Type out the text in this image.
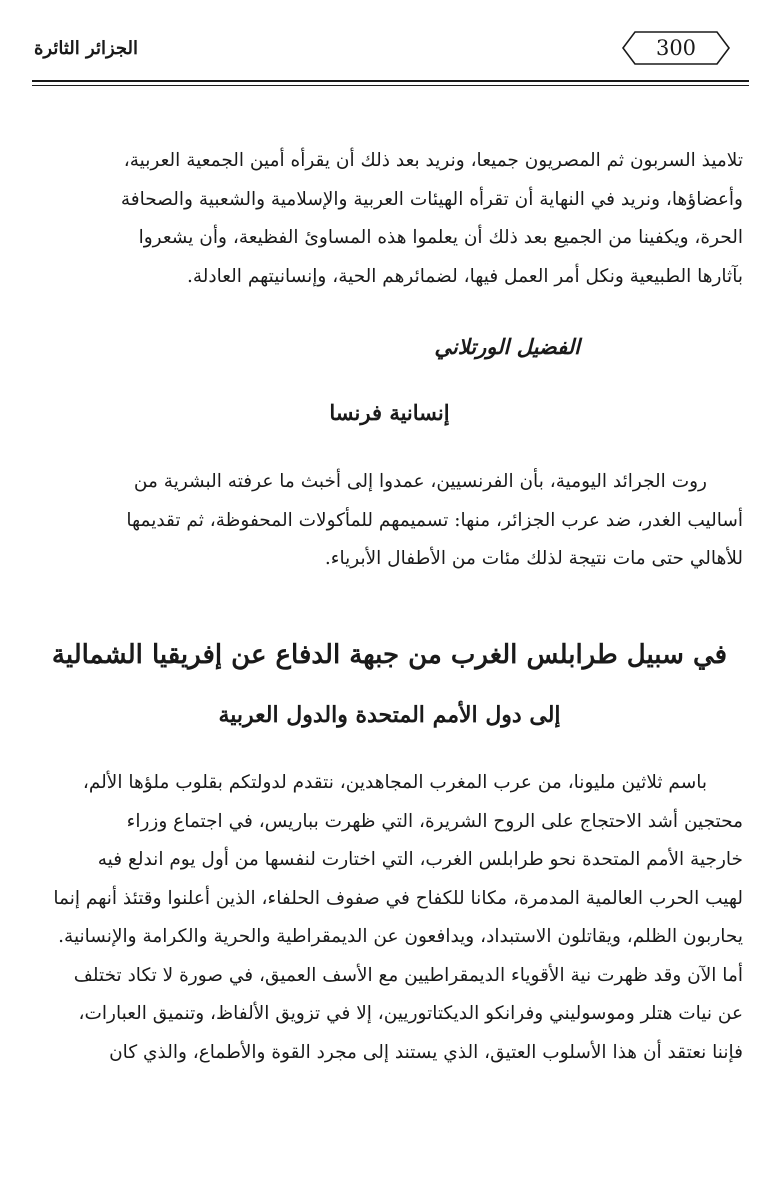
الجزائر الثائرة	300

تلاميذ السربون ثم المصريون جميعا، ونريد بعد ذلك أن يقرأه أمين الجمعية العربية،

وأعضاؤها، ونريد في النهاية أن تقرأه الهيئات العربية والإسلامية والشعبية والصحافة

الحرة، ويكفينا من الجميع بعد ذلك أن يعلموا هذه المساوئ الفظيعة، وأن يشعروا

بآثارها الطبيعية ونكل أمر العمل فيها، لضمائرهم الحية، وإنسانيتهم العادلة.

الفضيل الورتلاني
إنسانية فرنسا

روت الجرائد اليومية، بأن الفرنسيين، عمدوا إلى أخبث ما عرفته البشرية من

أساليب الغدر، ضد عرب الجزائر، منها: تسميمهم للمأكولات المحفوظة، ثم تقديمها

للأهالي حتى مات نتيجة لذلك مئات من الأطفال الأبرياء.

في سبيل طرابلس الغرب من جبهة الدفاع عن إفريقيا الشمالية
إلى دول الأمم المتحدة والدول العربية

باسم ثلاثين مليونا، من عرب المغرب المجاهدين، نتقدم لدولتكم بقلوب ملؤها الألم،

محتجين أشد الاحتجاج على الروح الشريرة، التي ظهرت بباريس، في اجتماع وزراء

خارجية الأمم المتحدة نحو طرابلس الغرب، التي اختارت لنفسها من أول يوم اندلع فيه

لهيب الحرب العالمية المدمرة، مكانا للكفاح في صفوف الحلفاء، الذين أعلنوا وقتئذ أنهم إنما

يحاربون الظلم، ويقاتلون الاستبداد، ويدافعون عن الديمقراطية والحرية والكرامة والإنسانية.

أما الآن وقد ظهرت نية الأقوياء الديمقراطيين مع الأسف العميق، في صورة لا تكاد تختلف

عن نيات هتلر وموسوليني وفرانكو الديكتاتوريين، إلا في تزويق الألفاظ، وتنميق العبارات،

فإننا نعتقد أن هذا الأسلوب العتيق، الذي يستند إلى مجرد القوة والأطماع، والذي كان
